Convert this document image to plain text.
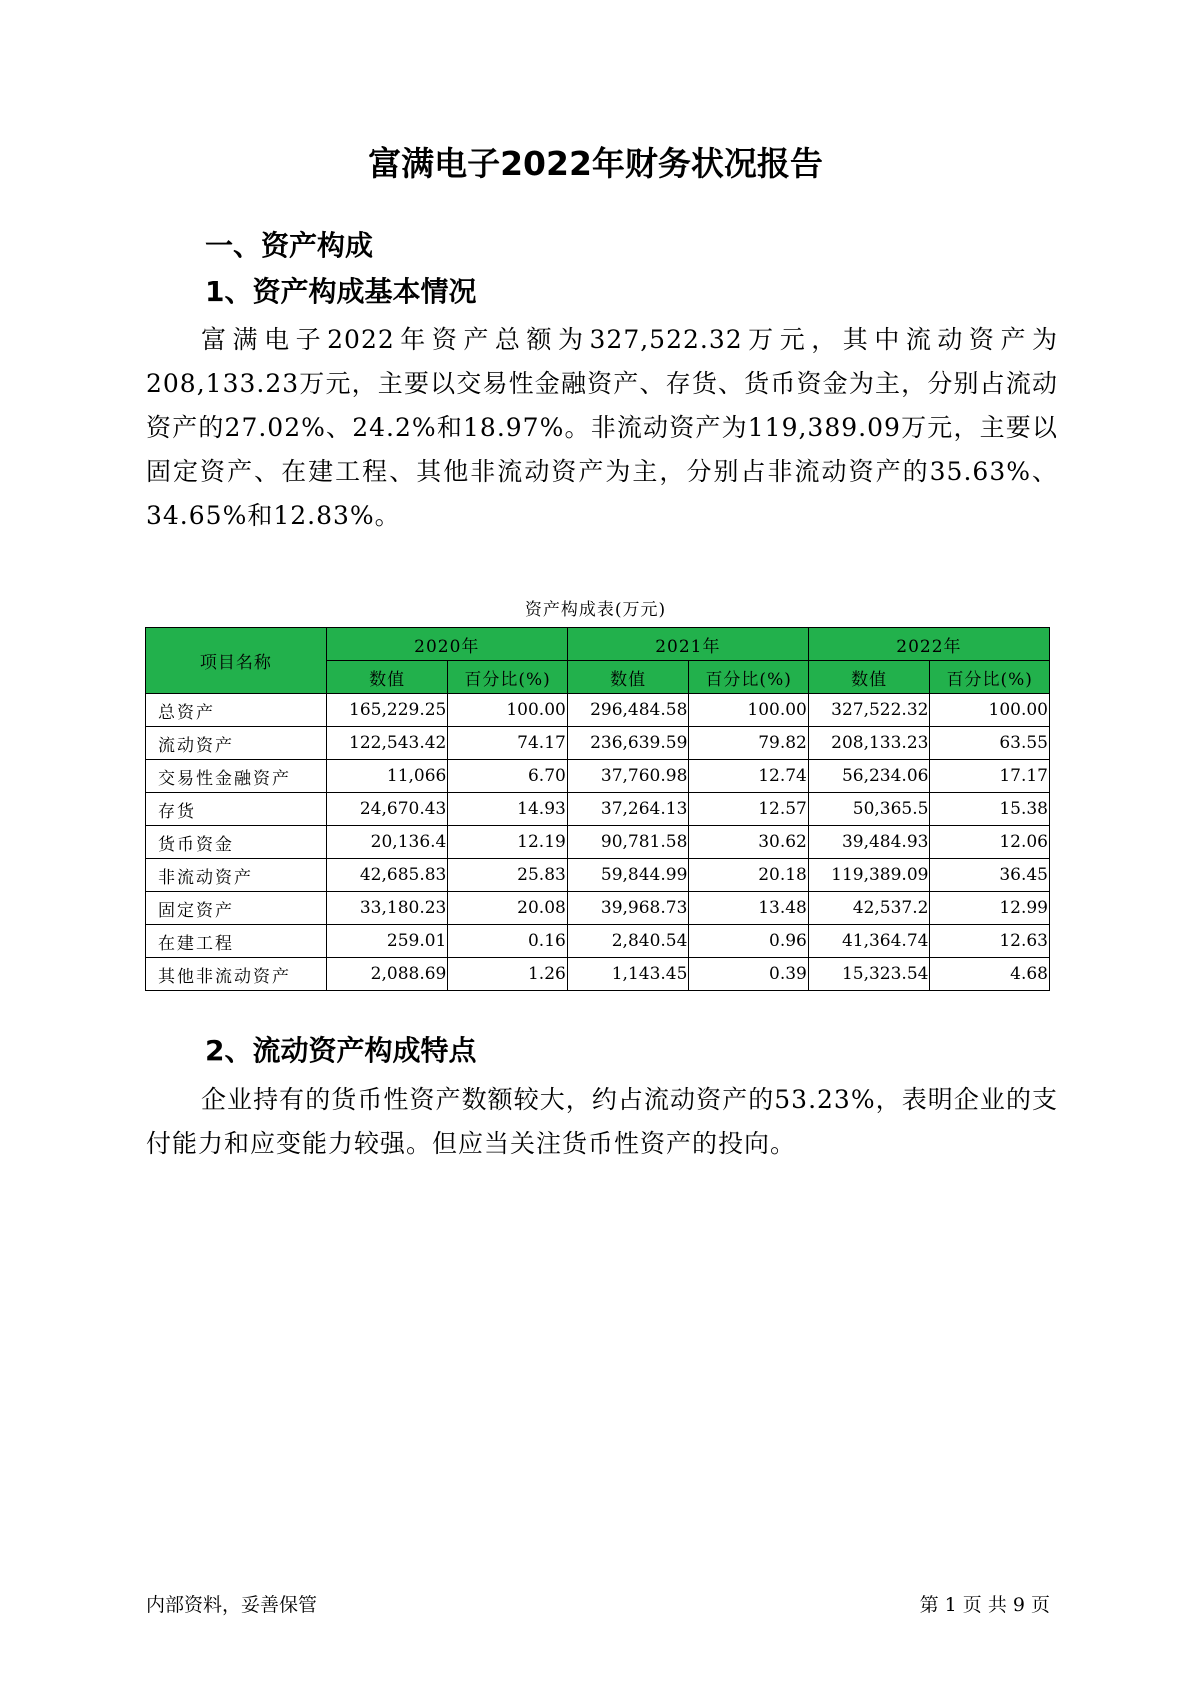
富满电子2022年财务状况报告
一、资产构成
1、资产构成基本情况

富满电子2022年资产总额为327,522.32万元，其中流动资产为208,133.23万元，主要以交易性金融资产、存货、货币资金为主，分别占流动资产的27.02%、24.2%和18.97%。非流动资产为119,389.09万元，主要以固定资产、在建工程、其他非流动资产为主，分别占非流动资产的35.63%、34.65%和12.83%。

资产构成表(万元)
项目名称	2020年		2021年		2022年	
	数值	百分比(%)	数值	百分比(%)	数值	百分比(%)
总资产	165,229.25	100.00	296,484.58	100.00	327,522.32	100.00
流动资产	122,543.42	74.17	236,639.59	79.82	208,133.23	63.55
交易性金融资产	11,066	6.70	37,760.98	12.74	56,234.06	17.17
存货	24,670.43	14.93	37,264.13	12.57	50,365.5	15.38
货币资金	20,136.4	12.19	90,781.58	30.62	39,484.93	12.06
非流动资产	42,685.83	25.83	59,844.99	20.18	119,389.09	36.45
固定资产	33,180.23	20.08	39,968.73	13.48	42,537.2	12.99
在建工程	259.01	0.16	2,840.54	0.96	41,364.74	12.63
其他非流动资产	2,088.69	1.26	1,143.45	0.39	15,323.54	4.68
2、流动资产构成特点

企业持有的货币性资产数额较大，约占流动资产的53.23%，表明企业的支付能力和应变能力较强。但应当关注货币性资产的投向。

内部资料，妥善保管	第 1 页 共 9 页
